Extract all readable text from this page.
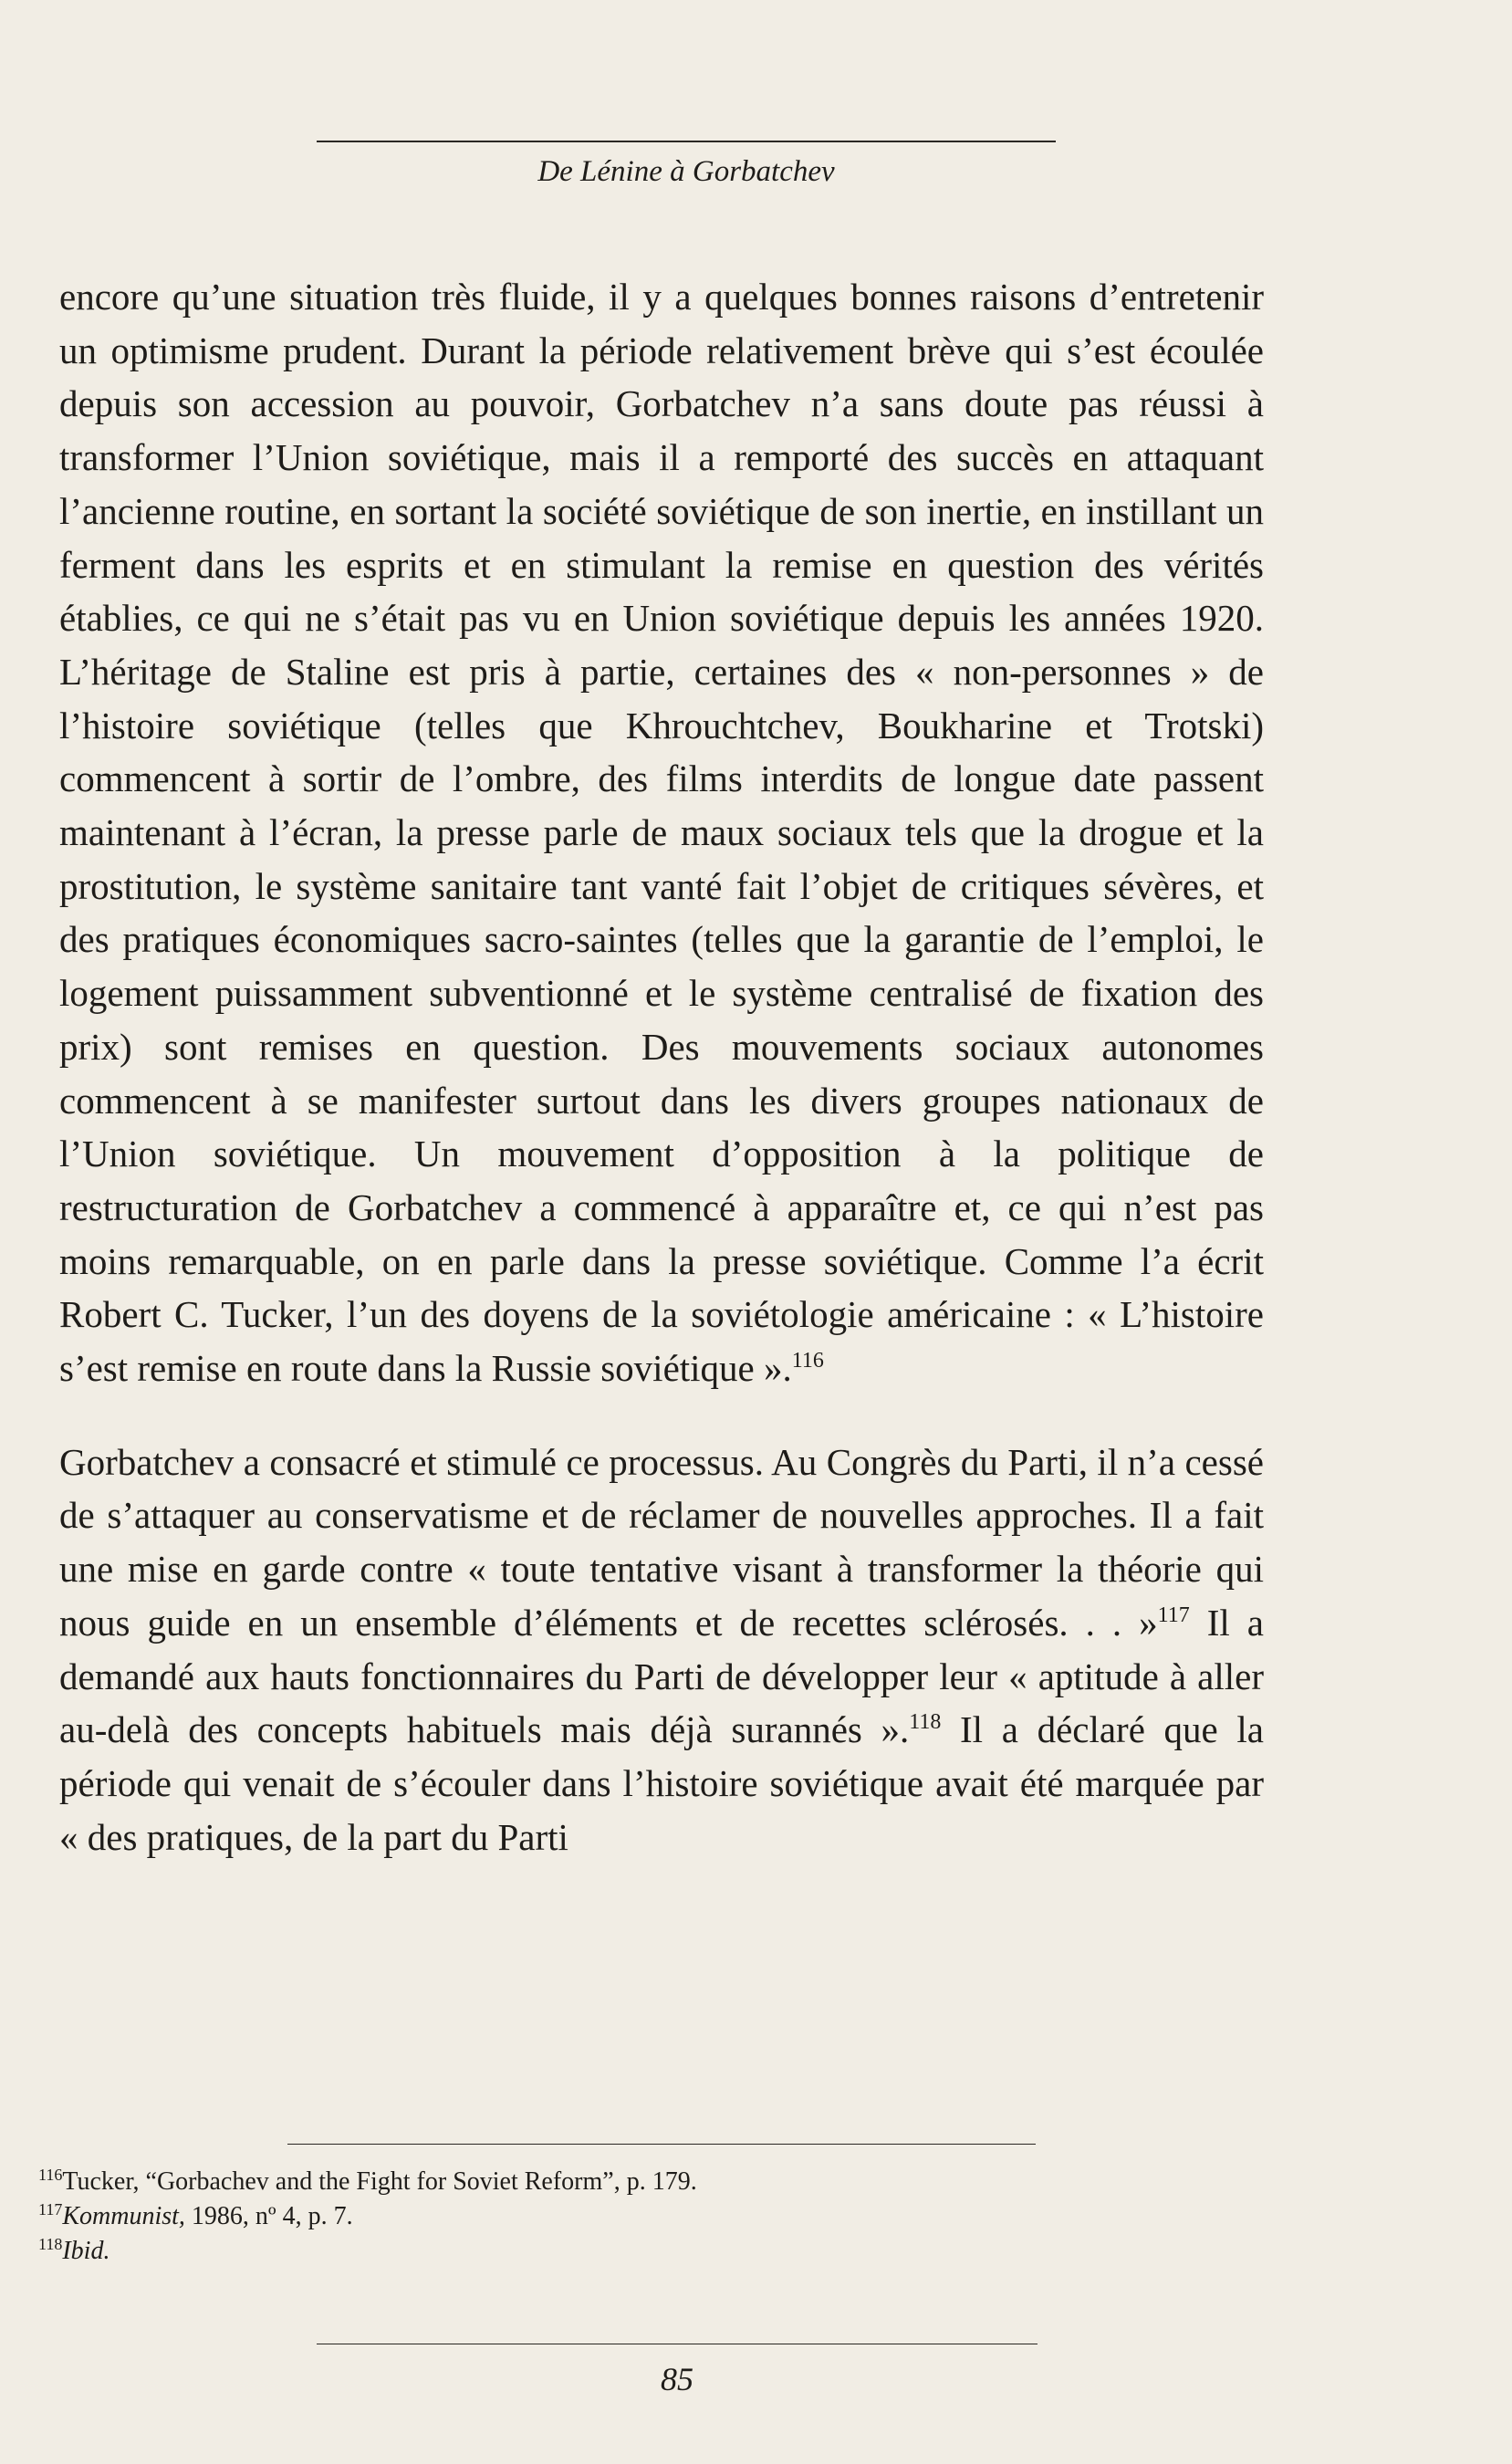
De Lénine à Gorbatchev

encore qu’une situation très fluide, il y a quelques bonnes raisons d’entretenir un optimisme prudent. Durant la période relativement brève qui s’est écoulée depuis son accession au pouvoir, Gorbatchev n’a sans doute pas réussi à transformer l’Union soviétique, mais il a remporté des succès en attaquant l’ancienne routine, en sortant la société soviétique de son inertie, en instillant un ferment dans les esprits et en stimulant la remise en question des vérités établies, ce qui ne s’était pas vu en Union soviétique depuis les années 1920. L’héritage de Staline est pris à partie, certaines des « non-personnes » de l’histoire soviétique (telles que Khrouchtchev, Boukharine et Trotski) commencent à sortir de l’ombre, des films interdits de longue date passent maintenant à l’écran, la presse parle de maux sociaux tels que la drogue et la prostitution, le système sanitaire tant vanté fait l’objet de critiques sévères, et des pratiques économiques sacro-saintes (telles que la garantie de l’emploi, le logement puissamment subventionné et le système centralisé de fixation des prix) sont remises en question. Des mouvements sociaux autonomes commencent à se manifester surtout dans les divers groupes nationaux de l’Union soviétique. Un mouvement d’opposition à la politique de restructuration de Gorbatchev a commencé à apparaître et, ce qui n’est pas moins remarquable, on en parle dans la presse soviétique. Comme l’a écrit Robert C. Tucker, l’un des doyens de la soviétologie américaine : « L’histoire s’est remise en route dans la Russie soviétique ».$^{116}$

Gorbatchev a consacré et stimulé ce processus. Au Congrès du Parti, il n’a cessé de s’attaquer au conservatisme et de réclamer de nouvelles approches. Il a fait une mise en garde contre « toute tentative visant à transformer la théorie qui nous guide en un ensemble d’éléments et de recettes sclérosés. . . »$^{117}$ Il a demandé aux hauts fonctionnaires du Parti de développer leur « aptitude à aller au-delà des concepts habituels mais déjà surannés ».$^{118}$ Il a déclaré que la période qui venait de s’écouler dans l’histoire soviétique avait été marquée par « des pratiques, de la part du Parti

$^{116}$Tucker, “Gorbachev and the Fight for Soviet Reform”, p. 179.
$^{117}$Kommunist, 1986, nº 4, p. 7.
$^{118}$Ibid.
85
